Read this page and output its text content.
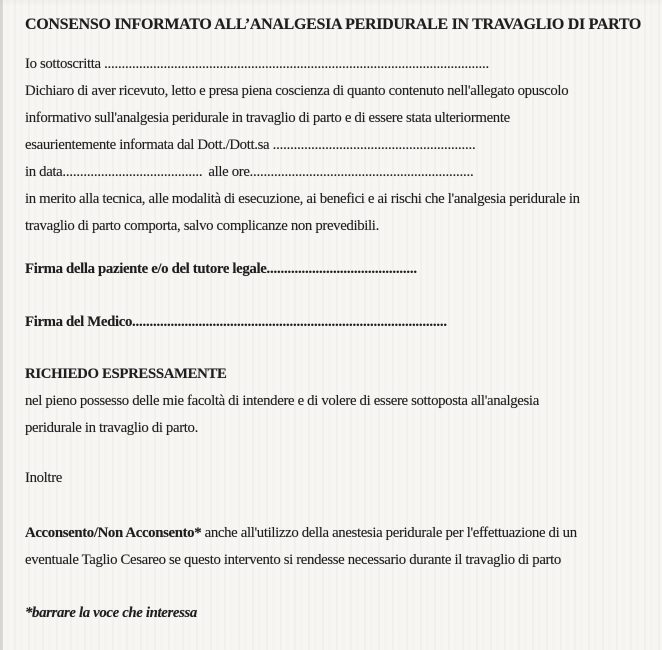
CONSENSO INFORMATO ALL’ANALGESIA PERIDURALE IN TRAVAGLIO DI PARTO
Io sottoscritta ..............................................................................................................
Dichiaro di aver ricevuto, letto e presa piena coscienza di quanto contenuto nell'allegato opuscolo
informativo sull'analgesia peridurale in travaglio di parto e di essere stata ulteriormente
esaurientemente informata dal Dott./Dott.sa ..........................................................
in data........................................ alle ore................................................................
in merito alla tecnica, alle modalità di esecuzione, ai benefici e ai rischi che l'analgesia peridurale in
travaglio di parto comporta, salvo complicanze non prevedibili.
Firma della paziente e/o del tutore legale...........................................
Firma del Medico..........................................................................................
RICHIEDO ESPRESSAMENTE
nel pieno possesso delle mie facoltà di intendere e di volere di essere sottoposta all'analgesia
peridurale in travaglio di parto.
Inoltre
Acconsento/Non Acconsento* anche all'utilizzo della anestesia peridurale per l'effettuazione di un
eventuale Taglio Cesareo se questo intervento si rendesse necessario durante il travaglio di parto
*barrare la voce che interessa
